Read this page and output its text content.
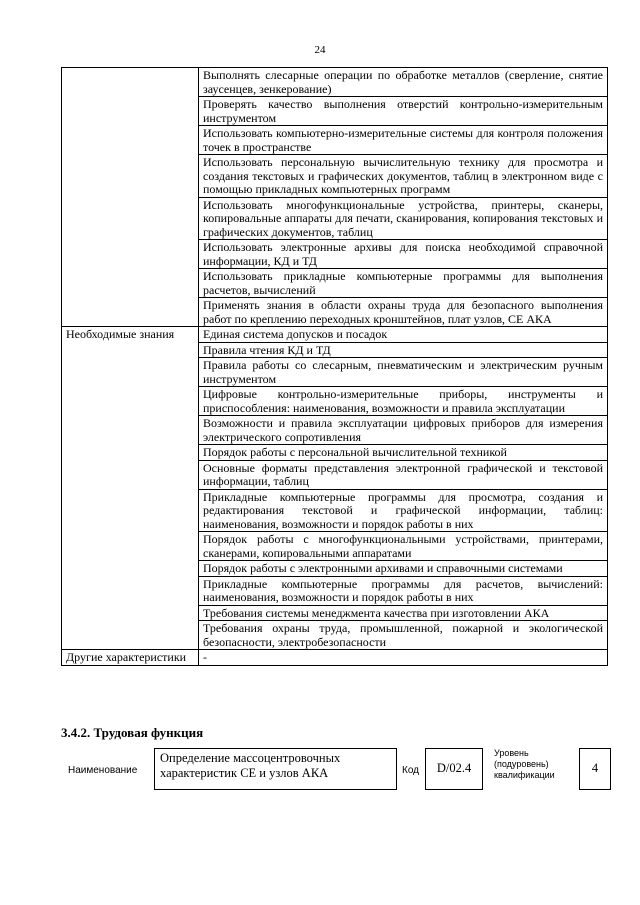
24
	Выполнять слесарные операции по обработке металлов (сверление, снятие заусенцев, зенкерование)
	Проверять качество выполнения отверстий контрольно-измерительным инструментом
	Использовать компьютерно-измерительные системы для контроля положения точек в пространстве
	Использовать персональную вычислительную технику для просмотра и создания текстовых и графических документов, таблиц в электронном виде с помощью прикладных компьютерных программ
	Использовать многофункциональные устройства, принтеры, сканеры, копировальные аппараты для печати, сканирования, копирования текстовых и графических документов, таблиц
	Использовать электронные архивы для поиска необходимой справочной информации, КД и ТД
	Использовать прикладные компьютерные программы для выполнения расчетов, вычислений
	Применять знания в области охраны труда для безопасного выполнения работ по креплению переходных кронштейнов, плат узлов, СЕ АКА
Необходимые знания	Единая система допусков и посадок
	Правила чтения КД и ТД
	Правила работы со слесарным, пневматическим и электрическим ручным инструментом
	Цифровые контрольно-измерительные приборы, инструменты и приспособления: наименования, возможности и правила эксплуатации
	Возможности и правила эксплуатации цифровых приборов для измерения электрического сопротивления
	Порядок работы с персональной вычислительной техникой
	Основные форматы представления электронной графической и текстовой информации, таблиц
	Прикладные компьютерные программы для просмотра, создания и редактирования текстовой и графической информации, таблиц: наименования, возможности и порядок работы в них
	Порядок работы с многофункциональными устройствами, принтерами, сканерами, копировальными аппаратами
	Порядок работы с электронными архивами и справочными системами
	Прикладные компьютерные программы для расчетов, вычислений: наименования, возможности и порядок работы в них
	Требования системы менеджмента качества при изготовлении АКА
	Требования охраны труда, промышленной, пожарной и экологической безопасности, электробезопасности
Другие характеристики	-
3.4.2. Трудовая функция
Наименование
Определение массоцентровочных характеристик СЕ и узлов АКА	Код	D/02.4
Уровень (подуровень) квалификации	4
